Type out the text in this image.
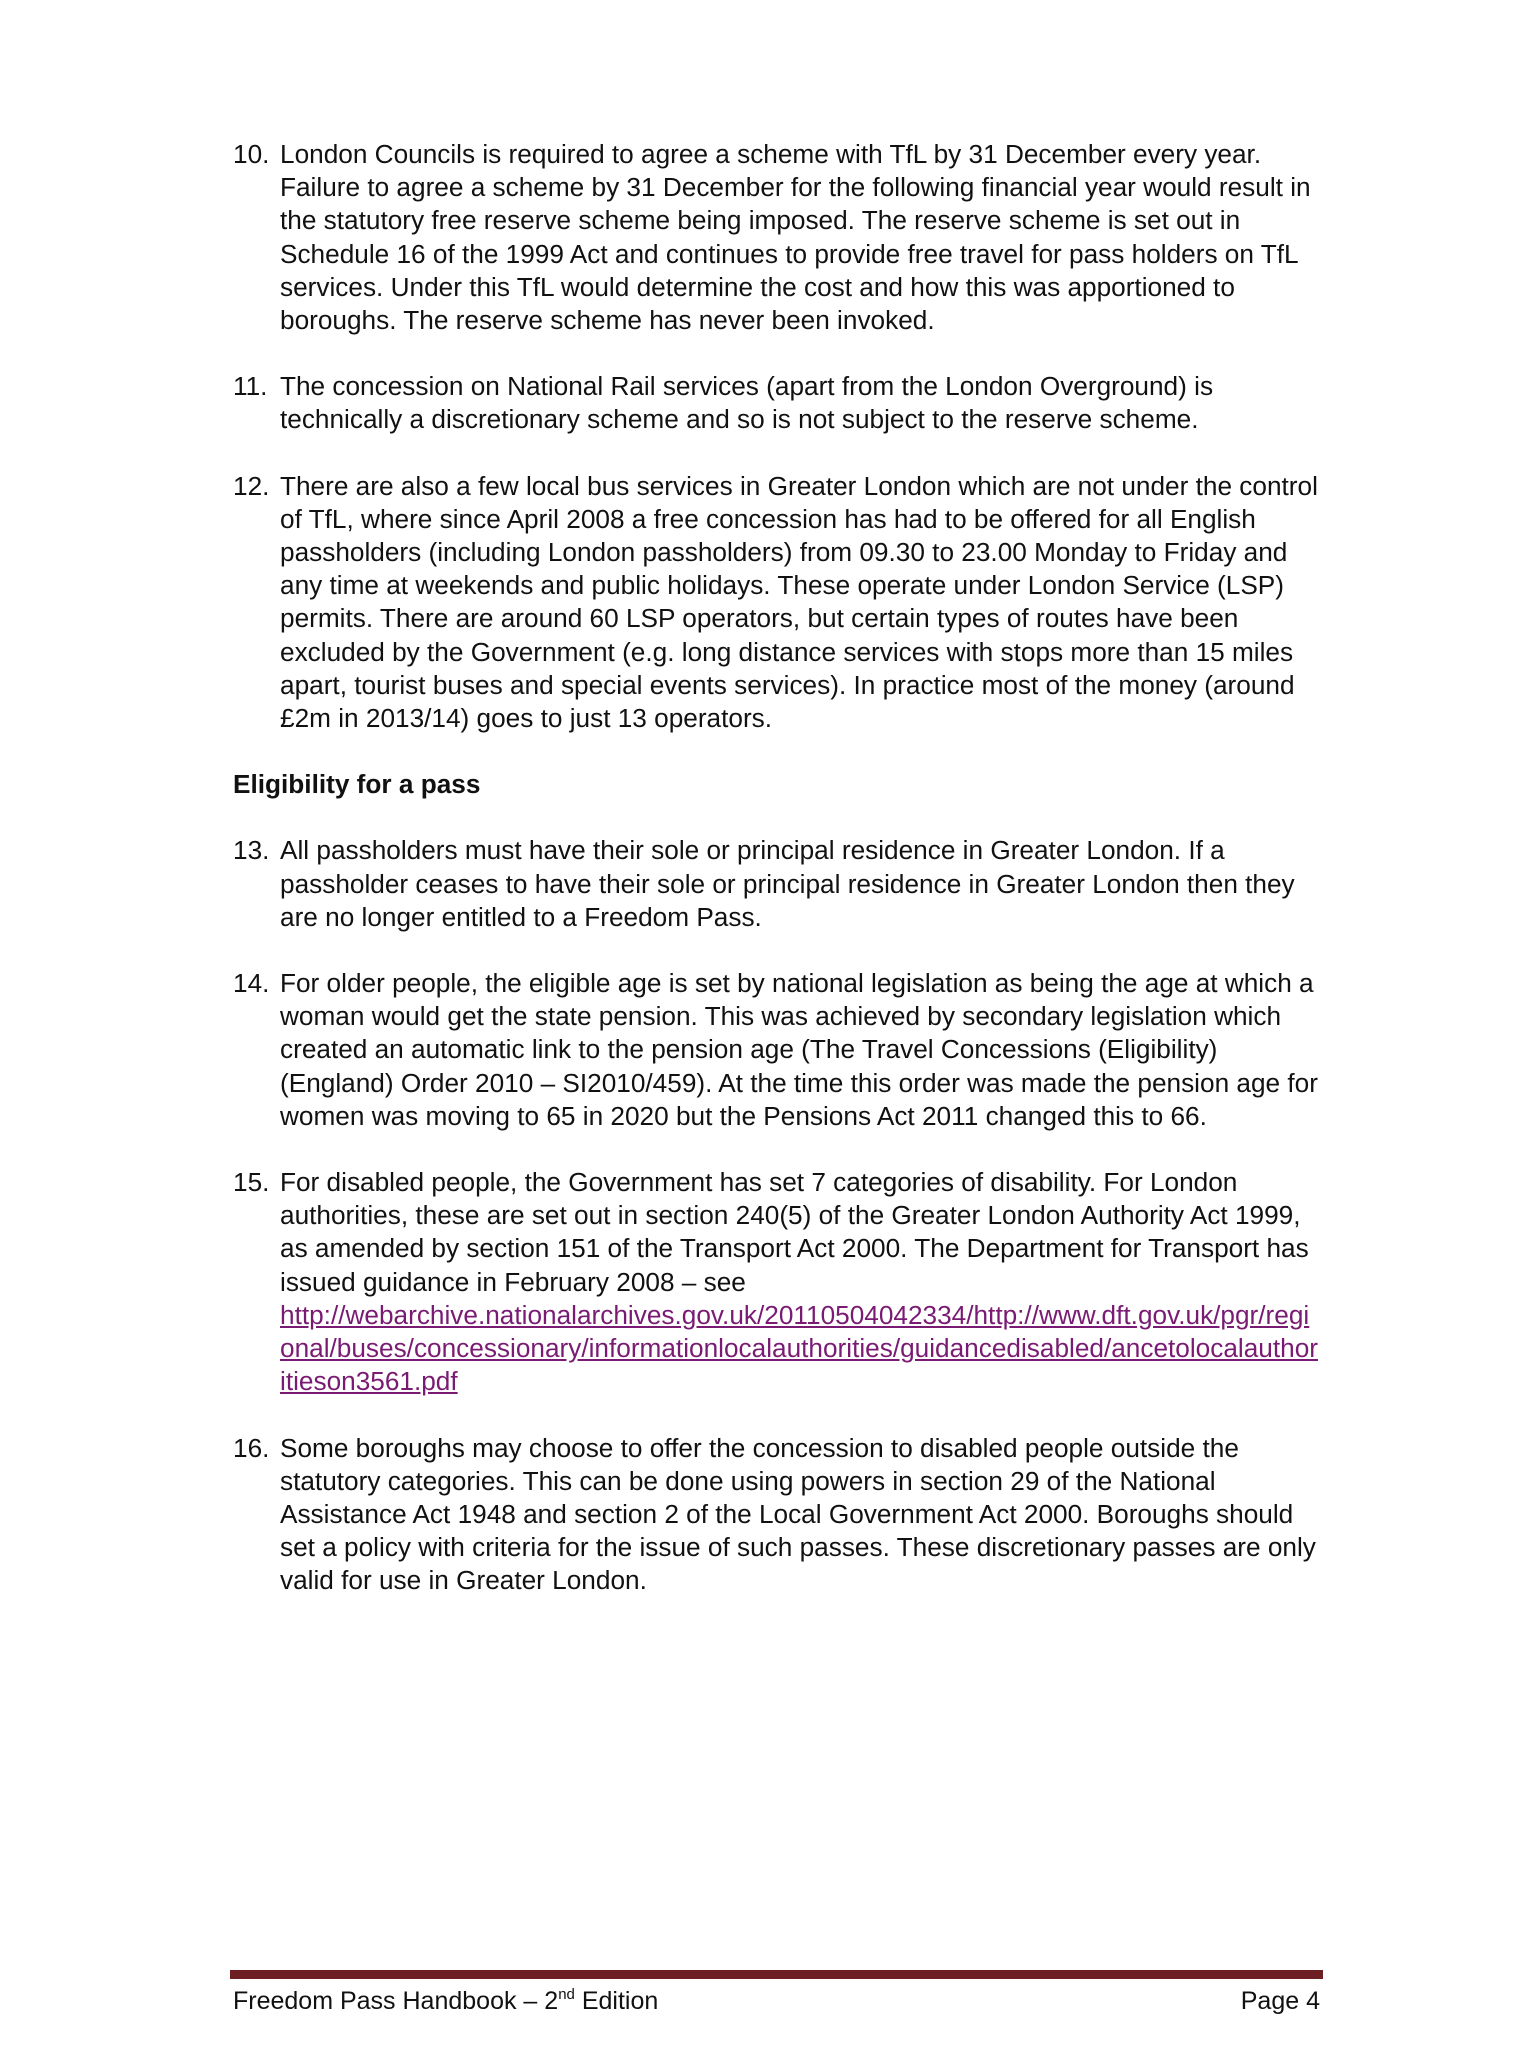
10. London Councils is required to agree a scheme with TfL by 31 December every year. Failure to agree a scheme by 31 December for the following financial year would result in the statutory free reserve scheme being imposed. The reserve scheme is set out in Schedule 16 of the 1999 Act and continues to provide free travel for pass holders on TfL services. Under this TfL would determine the cost and how this was apportioned to boroughs. The reserve scheme has never been invoked.
11. The concession on National Rail services (apart from the London Overground) is technically a discretionary scheme and so is not subject to the reserve scheme.
12. There are also a few local bus services in Greater London which are not under the control of TfL, where since April 2008 a free concession has had to be offered for all English passholders (including London passholders) from 09.30 to 23.00 Monday to Friday and any time at weekends and public holidays. These operate under London Service (LSP) permits. There are around 60 LSP operators, but certain types of routes have been excluded by the Government (e.g. long distance services with stops more than 15 miles apart, tourist buses and special events services). In practice most of the money (around £2m in 2013/14) goes to just 13 operators.
Eligibility for a pass
13. All passholders must have their sole or principal residence in Greater London. If a passholder ceases to have their sole or principal residence in Greater London then they are no longer entitled to a Freedom Pass.
14. For older people, the eligible age is set by national legislation as being the age at which a woman would get the state pension. This was achieved by secondary legislation which created an automatic link to the pension age (The Travel Concessions (Eligibility)(England) Order 2010 – SI2010/459). At the time this order was made the pension age for women was moving to 65 in 2020 but the Pensions Act 2011 changed this to 66.
15. For disabled people, the Government has set 7 categories of disability. For London authorities, these are set out in section 240(5) of the Greater London Authority Act 1999, as amended by section 151 of the Transport Act 2000. The Department for Transport has issued guidance in February 2008 – see
http://webarchive.nationalarchives.gov.uk/20110504042334/http://www.dft.gov.uk/pgr/regional/buses/concessionary/informationlocalauthorities/guidancedisabled/ancetolocalauthoritieson3561.pdf
16. Some boroughs may choose to offer the concession to disabled people outside the statutory categories. This can be done using powers in section 29 of the National Assistance Act 1948 and section 2 of the Local Government Act 2000. Boroughs should set a policy with criteria for the issue of such passes. These discretionary passes are only valid for use in Greater London.
Freedom Pass Handbook – 2nd Edition	Page 4
